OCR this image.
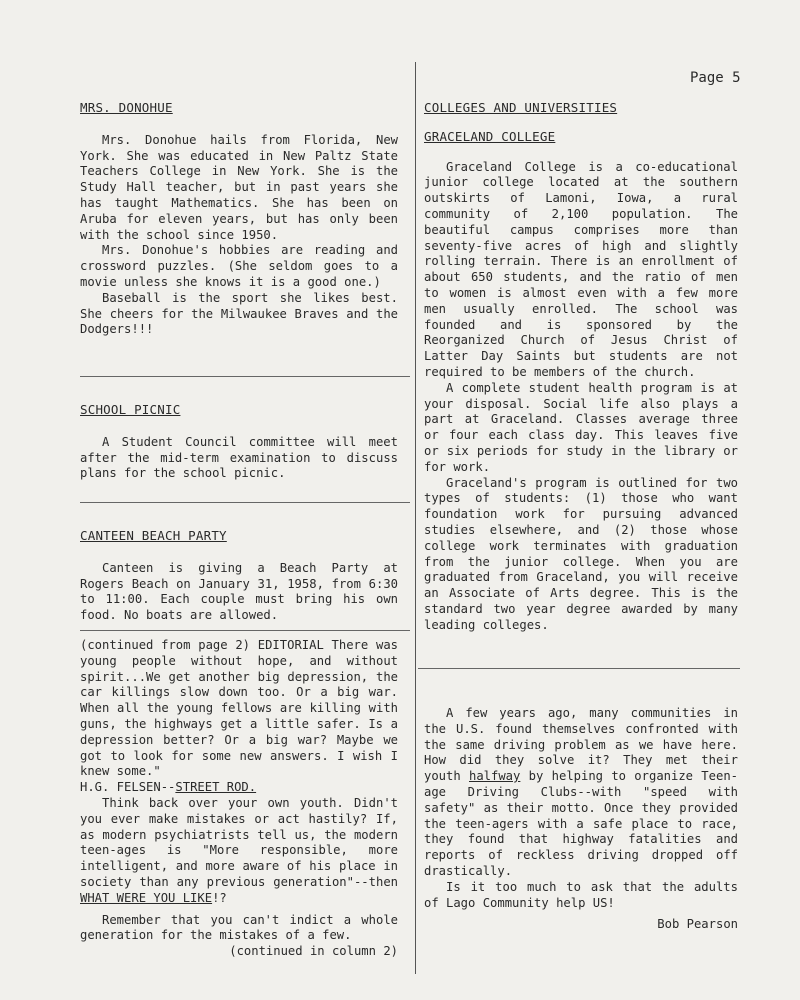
Page 5
MRS. DONOHUE

Mrs. Donohue hails from Florida, New York. She was educated in New Paltz State Teachers College in New York. She is the Study Hall teacher, but in past years she has taught Mathematics. She has been on Aruba for eleven years, but has only been with the school since 1950.

Mrs. Donohue's hobbies are reading and crossword puzzles. (She seldom goes to a movie unless she knows it is a good one.)

Baseball is the sport she likes best. She cheers for the Milwaukee Braves and the Dodgers!!!

SCHOOL PICNIC

A Student Council committee will meet after the mid-term examination to discuss plans for the school picnic.

CANTEEN BEACH PARTY

Canteen is giving a Beach Party at Rogers Beach on January 31, 1958, from 6:30 to 11:00. Each couple must bring his own food. No boats are allowed.

(continued from page 2) EDITORIAL There was young people without hope, and without spirit...We get another big depression, the car killings slow down too. Or a big war. When all the young fellows are killing with guns, the highways get a little safer. Is a depression better? Or a big war? Maybe we got to look for some new answers. I wish I knew some."

H.G. FELSEN--STREET ROD.

Think back over your own youth. Didn't you ever make mistakes or act hastily? If, as modern psychiatrists tell us, the modern teen-ages is "More responsible, more intelligent, and more aware of his place in society than any previous generation"--then WHAT WERE YOU LIKE!?

Remember that you can't indict a whole generation for the mistakes of a few.

(continued in column 2)

COLLEGES AND UNIVERSITIES
GRACELAND COLLEGE

Graceland College is a co-educational junior college located at the southern outskirts of Lamoni, Iowa, a rural community of 2,100 population. The beautiful campus comprises more than seventy-five acres of high and slightly rolling terrain. There is an enrollment of about 650 students, and the ratio of men to women is almost even with a few more men usually enrolled. The school was founded and is sponsored by the Reorganized Church of Jesus Christ of Latter Day Saints but students are not required to be members of the church.

A complete student health program is at your disposal. Social life also plays a part at Graceland. Classes average three or four each class day. This leaves five or six periods for study in the library or for work.

Graceland's program is outlined for two types of students: (1) those who want foundation work for pursuing advanced studies elsewhere, and (2) those whose college work terminates with graduation from the junior college. When you are graduated from Graceland, you will receive an Associate of Arts degree. This is the standard two year degree awarded by many leading colleges.

A few years ago, many communities in the U.S. found themselves confronted with the same driving problem as we have here. How did they solve it? They met their youth halfway by helping to organize Teen-age Driving Clubs--with "speed with safety" as their motto. Once they provided the teen-agers with a safe place to race, they found that highway fatalities and reports of reckless driving dropped off drastically.

Is it too much to ask that the adults of Lago Community help US!

Bob Pearson
